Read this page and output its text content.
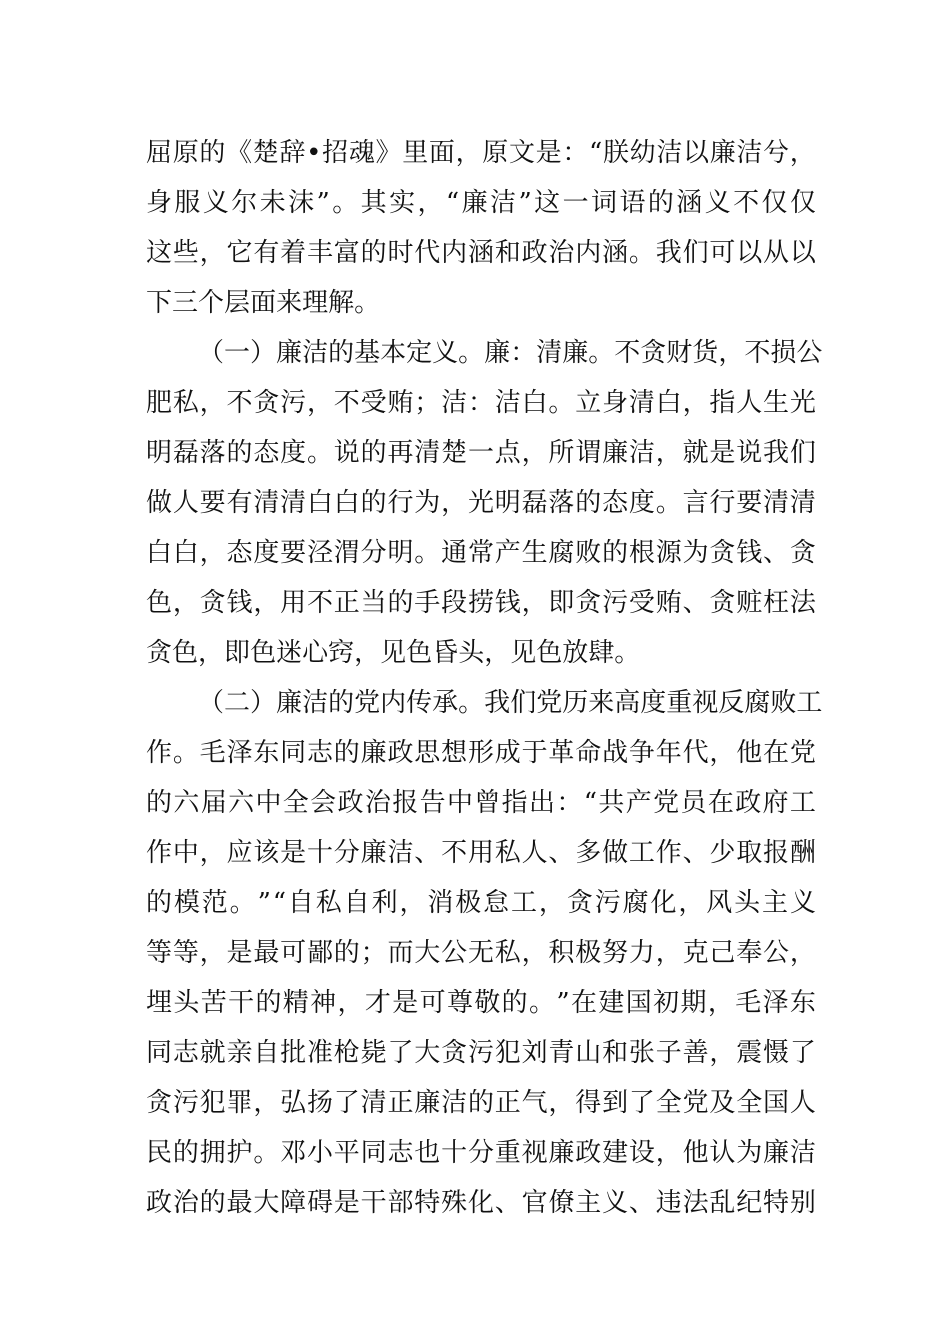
屈 原 的 《 楚 辞 • 招 魂 》 里 面 ， 原 文 是 ： “ 朕 幼 洁 以 廉 洁 兮 ，
身 服 义 尔 未 沫 ” 。 其 实 ， “ 廉 洁 ” 这 一 词 语 的 涵 义 不 仅 仅
这 些 ， 它 有 着 丰 富 的 时 代 内 涵 和 政 治 内 涵 。 我 们 可 以 从 以
下 三 个 层 面 来 理 解 。
（ 一 ） 廉 洁 的 基 本 定 义 。 廉 ： 清 廉 。 不 贪 财 货 ， 不 损 公
肥 私 ， 不 贪 污 ， 不 受 贿 ； 洁 ： 洁 白 。 立 身 清 白 ， 指 人 生 光
明 磊 落 的 态 度 。 说 的 再 清 楚 一 点 ， 所 谓 廉 洁 ， 就 是 说 我 们
做 人 要 有 清 清 白 白 的 行 为 ， 光 明 磊 落 的 态 度 。 言 行 要 清 清
白 白 ， 态 度 要 泾 渭 分 明 。 通 常 产 生 腐 败 的 根 源 为 贪 钱 、 贪
色 ， 贪 钱 ， 用 不 正 当 的 手 段 捞 钱 ， 即 贪 污 受 贿 、 贪 赃 枉 法
贪 色 ， 即 色 迷 心 窍 ， 见 色 昏 头 ， 见 色 放 肆 。
（ 二 ） 廉 洁 的 党 内 传 承 。 我 们 党 历 来 高 度 重 视 反 腐 败 工
作 。 毛 泽 东 同 志 的 廉 政 思 想 形 成 于 革 命 战 争 年 代 ， 他 在 党
的 六 届 六 中 全 会 政 治 报 告 中 曾 指 出 ： “ 共 产 党 员 在 政 府 工
作 中 ， 应 该 是 十 分 廉 洁 、 不 用 私 人 、 多 做 工 作 、 少 取 报 酬
的 模 范 。 ” “ 自 私 自 利 ， 消 极 怠 工 ， 贪 污 腐 化 ， 风 头 主 义
等 等 ， 是 最 可 鄙 的 ； 而 大 公 无 私 ， 积 极 努 力 ， 克 己 奉 公 ，
埋 头 苦 干 的 精 神 ， 才 是 可 尊 敬 的 。 ” 在 建 国 初 期 ， 毛 泽 东
同 志 就 亲 自 批 准 枪 毙 了 大 贪 污 犯 刘 青 山 和 张 子 善 ， 震 慑 了
贪 污 犯 罪 ， 弘 扬 了 清 正 廉 洁 的 正 气 ， 得 到 了 全 党 及 全 国 人
民 的 拥 护 。 邓 小 平 同 志 也 十 分 重 视 廉 政 建 设 ， 他 认 为 廉 洁
政 治 的 最 大 障 碍 是 干 部 特 殊 化 、 官 僚 主 义 、 违 法 乱 纪 特 别
